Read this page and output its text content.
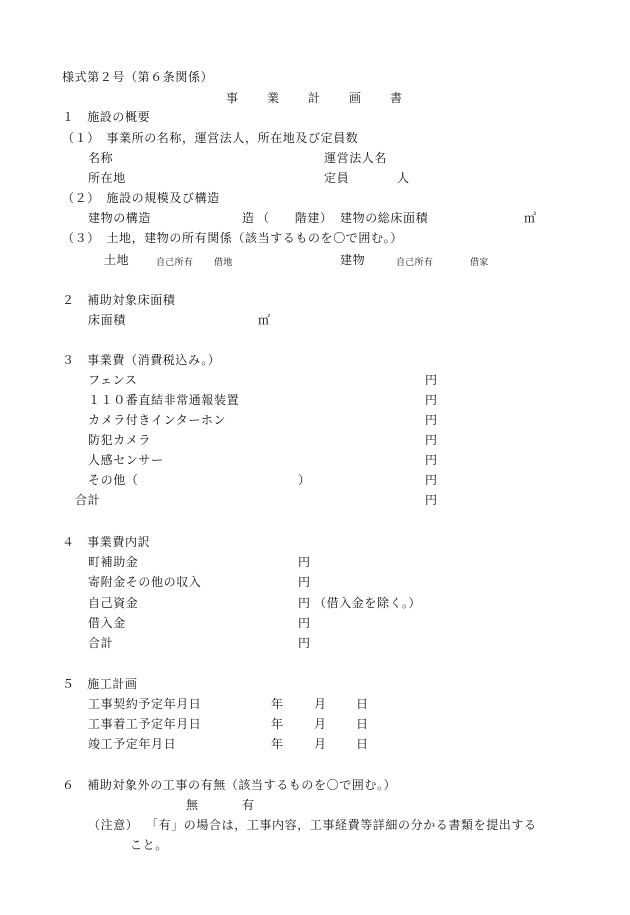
様式第２号（第６条関係）
事業計画書
１　施設の概要
（１）　事業所の名称，運営法人，所在地及び定員数
名称	運営法人名
所在地	定員	人
（２）　施設の規模及び構造
建物の構造	造 （　　階建） 建物の総床面積	㎡
（３）　土地，建物の所有関係（該当するものを〇で囲む。）
土地	自己所有 借地	建物	自己所有	借家
２　補助対象床面積
床面積	㎡
３　事業費（消費税込み。）
フェンス	円
１１０番直結非常通報装置	円
カメラ付きインターホン	円
防犯カメラ	円
人感センサー	円
その他（	）	円
合計	円
４　事業費内訳
町補助金	円
寄附金その他の収入	円
自己資金	円 （借入金を除く。）
借入金	円
合計	円
５　施工計画
工事契約予定年月日	年	月 日
工事着工予定年月日	年	月 日
竣工予定年月日	年	月 日
６　補助対象外の工事の有無（該当するものを〇で囲む。）
無	有
（注意） 「有」の場合は，工事内容，工事経費等詳細の分かる書類を提出する
こと。
